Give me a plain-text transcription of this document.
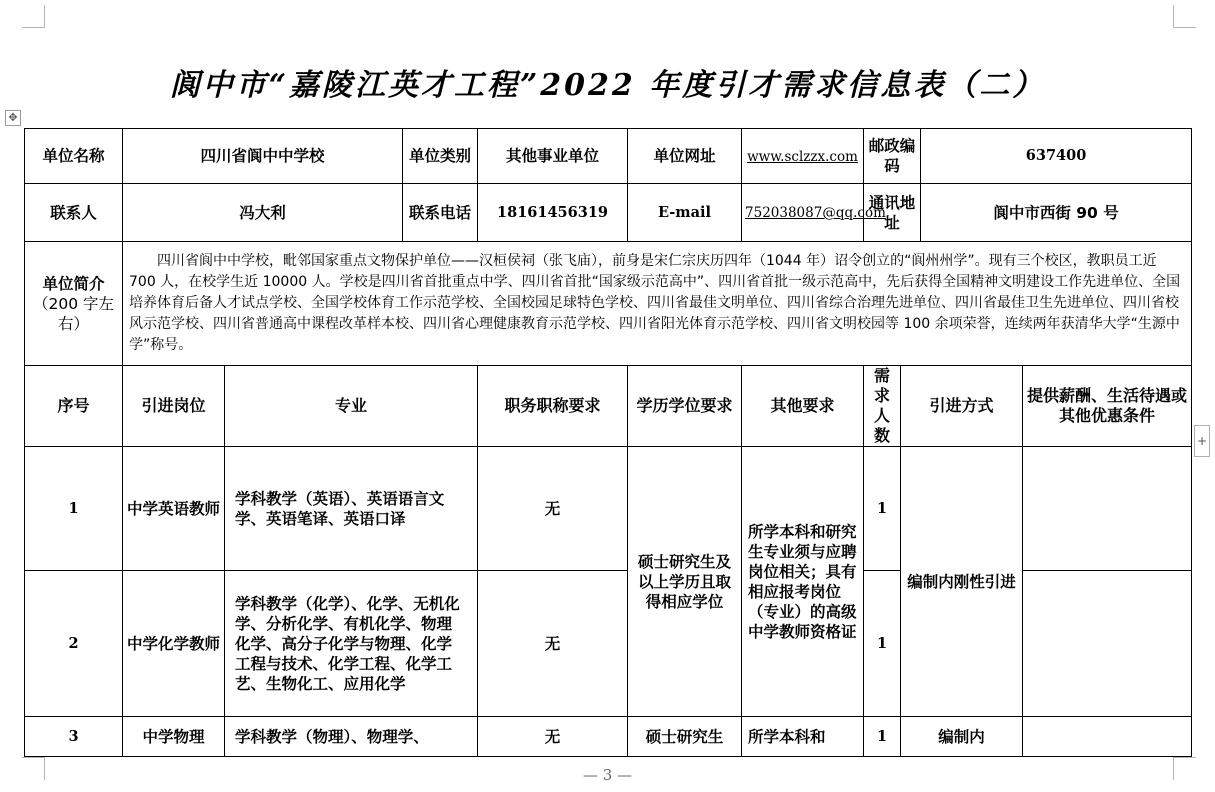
阆中市“嘉陵江英才工程”2022 年度引才需求信息表（二）
✥
+
单位名称	四川省阆中中学校		单位类别	其他事业单位	单位网址	www.sclzzx.com	邮政编码		637400	
联系人	冯大利		联系电话	18161456319	E-mail	752038087@qq.com	通讯地址		阆中市西街 90 号	

单位简介
（200 字左右）	四川省阆中中学校，毗邻国家重点文物保护单位——汉桓侯祠（张飞庙），前身是宋仁宗庆历四年（1044 年）诏令创立的“阆州州学”。现有三个校区，教职员工近 700 人，在校学生近 10000 人。学校是四川省首批重点中学、四川省首批“国家级示范高中”、四川省首批一级示范高中，先后获得全国精神文明建设工作先进单位、全国培养体育后备人才试点学校、全国学校体育工作示范学校、全国校园足球特色学校、四川省最佳文明单位、四川省综合治理先进单位、四川省最佳卫生先进单位、四川省校风示范学校、四川省普通高中课程改革样本校、四川省心理健康教育示范学校、四川省阳光体育示范学校、四川省文明校园等 100 余项荣誉，连续两年获清华大学“生源中学”称号。									
序号	引进岗位	专业		职务职称要求	学历学位要求	其他要求	需求人数	引进方式		提供薪酬、生活待遇或其他优惠条件
1	中学英语教师	学科教学（英语）、英语语言文学、英语笔译、英语口译		无	硕士研究生及以上学历且取得相应学位	所学本科和研究生专业须与应聘岗位相关；具有相应报考岗位（专业）的高级中学教师资格证	1	编制内刚性引进		
2	中学化学教师	学科教学（化学）、化学、无机化学、分析化学、有机化学、物理化学、高分子化学与物理、化学工程与技术、化学工程、化学工艺、生物化工、应用化学		无			1			
3	中学物理	学科教学（物理）、物理学、		无	硕士研究生	所学本科和	1	编制内		
— 3 —
